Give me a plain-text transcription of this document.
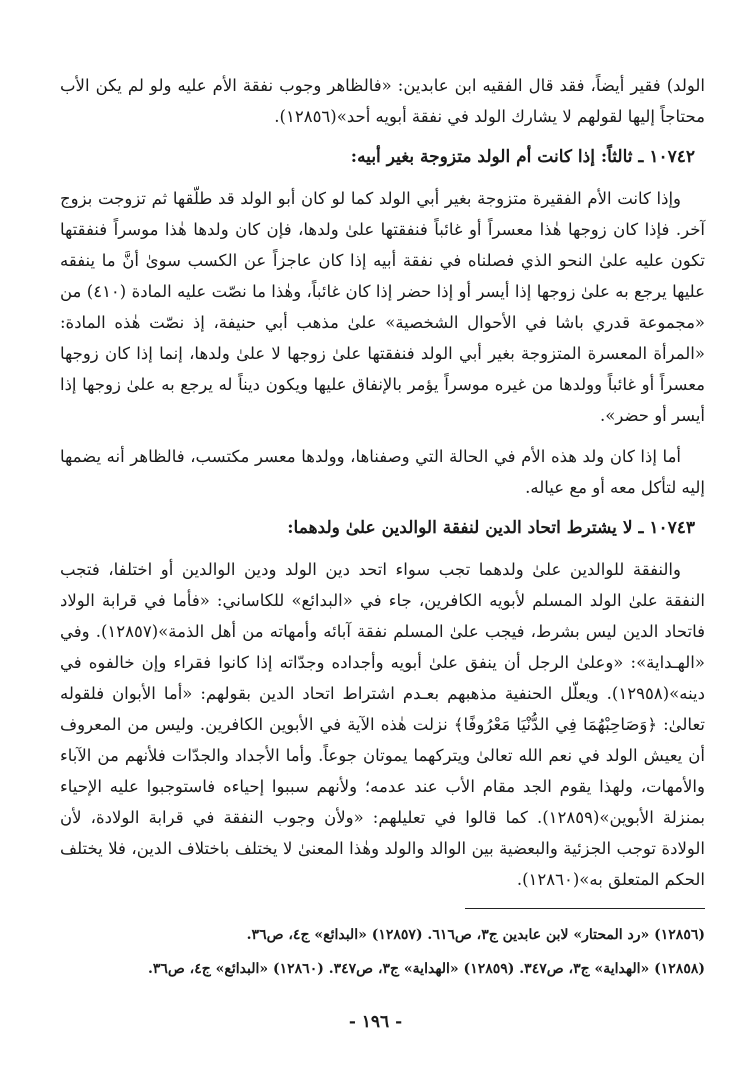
الولد) فقير أيضاً، فقد قال الفقيه ابن عابدين: «فالظاهر وجوب نفقة الأم عليه ولو لم يكن الأب محتاجاً إليها لقولهم لا يشارك الولد في نفقة أبويه أحد»(١٢٨٥٦).

١٠٧٤٢ ـ ثالثاً: إذا كانت أم الولد متزوجة بغير أبيه:

وإذا كانت الأم الفقيرة متزوجة بغير أبي الولد كما لو كان أبو الولد قد طلّقها ثم تزوجت بزوج آخر. فإذا كان زوجها هٰذا معسراً أو غائباً فنفقتها علىٰ ولدها، فإن كان ولدها هٰذا موسراً فنفقتها تكون عليه علىٰ النحو الذي فصلناه في نفقة أبيه إذا كان عاجزاً عن الكسب سوىٰ أنَّ ما ينفقه عليها يرجع به علىٰ زوجها إذا أيسر أو إذا حضر إذا كان غائباً، وهٰذا ما نصّت عليه المادة (٤١٠) من «مجموعة قدري باشا في الأحوال الشخصية» علىٰ مذهب أبي حنيفة، إذ نصّت هٰذه المادة: «المرأة المعسرة المتزوجة بغير أبي الولد فنفقتها علىٰ زوجها لا علىٰ ولدها، إنما إذا كان زوجها معسراً أو غائباً وولدها من غيره موسراً يؤمر بالإنفاق عليها ويكون ديناً له يرجع به علىٰ زوجها إذا أيسر أو حضر».

أما إذا كان ولد هذه الأم في الحالة التي وصفناها، وولدها معسر مكتسب، فالظاهر أنه يضمها إليه لتأكل معه أو مع عياله.

١٠٧٤٣ ـ لا يشترط اتحاد الدين لنفقة الوالدين علىٰ ولدهما:

والنفقة للوالدين علىٰ ولدهما تجب سواء اتحد دين الولد ودين الوالدين أو اختلفا، فتجب النفقة علىٰ الولد المسلم لأبويه الكافرين، جاء في «البدائع» للكاساني: «فأما في قرابة الولاد فاتحاد الدين ليس بشرط، فيجب علىٰ المسلم نفقة آبائه وأمهاته من أهل الذمة»(١٢٨٥٧). وفي «الهـداية»: «وعلىٰ الرجل أن ينفق علىٰ أبويه وأجداده وجدّاته إذا كانوا فقراء وإن خالفوه في دينه»(١٢٩٥٨). ويعلّل الحنفية مذهبهم بعـدم اشتراط اتحاد الدين بقولهم: «أما الأبوان فلقوله تعالىٰ: ﴿وَصَاحِبْهُمَا فِي الدُّنْيَا مَعْرُوفًا﴾ نزلت هٰذه الآية في الأبوين الكافرين. وليس من المعروف أن يعيش الولد في نعم الله تعالىٰ ويتركهما يموتان جوعاً. وأما الأجداد والجدّات فلأنهم من الآباء والأمهات، ولهذا يقوم الجد مقام الأب عند عدمه؛ ولأنهم سببوا إحياءه فاستوجبوا عليه الإحياء بمنزلة الأبوين»(١٢٨٥٩). كما قالوا في تعليلهم: «ولأن وجوب النفقة في قرابة الولادة، لأن الولادة توجب الجزئية والبعضية بين الوالد والولد وهٰذا المعنىٰ لا يختلف باختلاف الدين، فلا يختلف الحكم المتعلق به»(١٢٨٦٠).

(١٢٨٥٦) «رد المحتار» لابن عابدين ج٣، ص٦١٦. (١٢٨٥٧) «البدائع» ج٤، ص٣٦.

(١٢٨٥٨) «الهداية» ج٣، ص٣٤٧. (١٢٨٥٩) «الهداية» ج٣، ص٣٤٧. (١٢٨٦٠) «البدائع» ج٤، ص٣٦.

- ١٩٦ -
